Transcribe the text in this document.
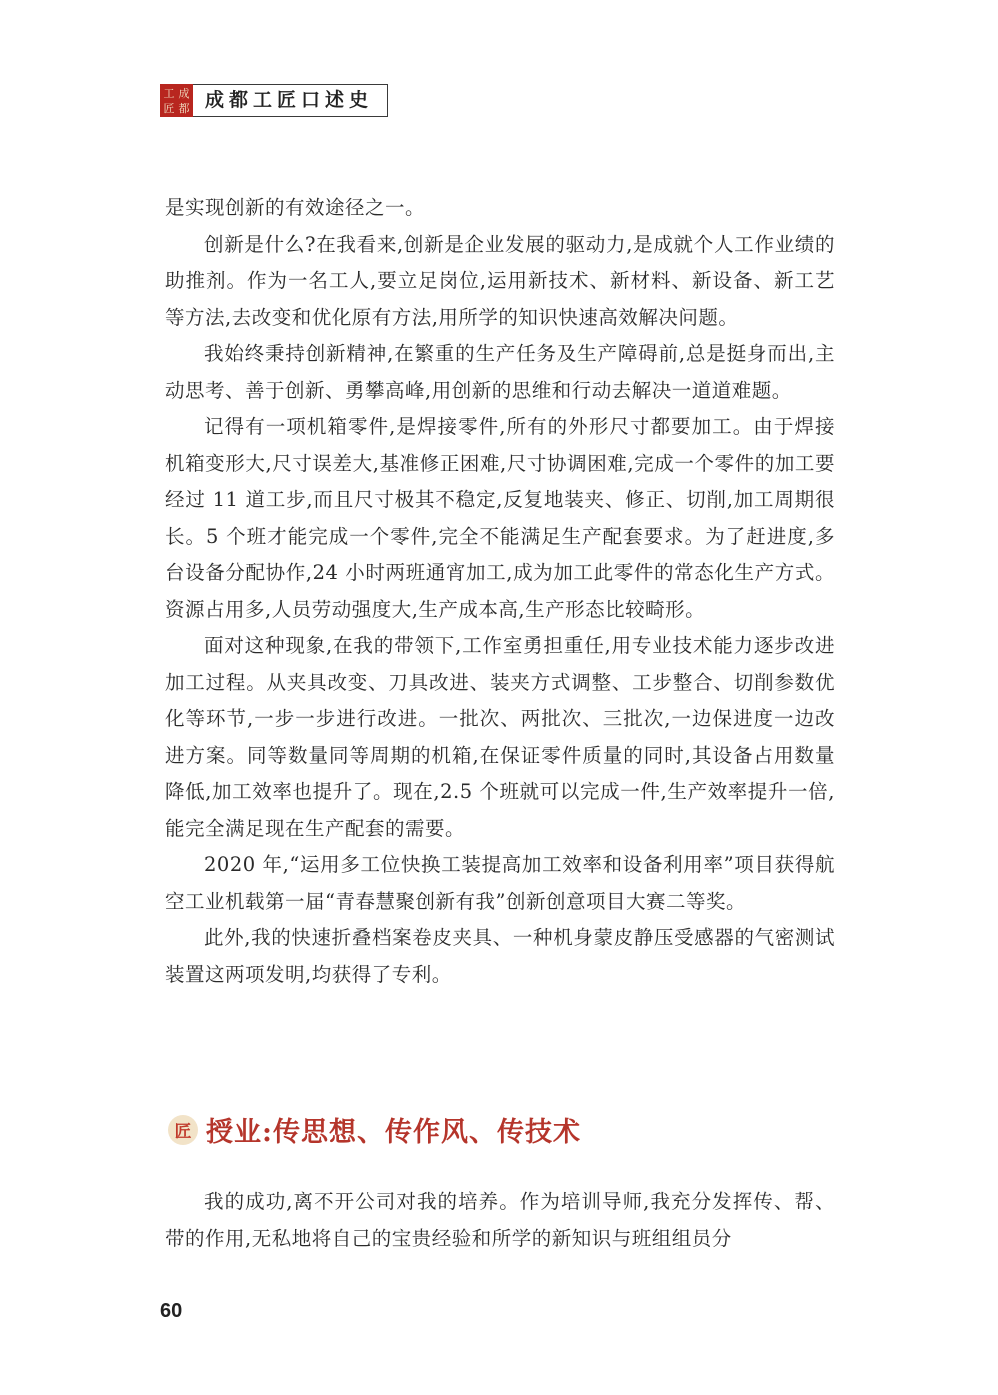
工 成
匠 都 成都工匠口述史

是实现创新的有效途径之一。

创新是什么?在我看来,创新是企业发展的驱动力,是成就个人工作业绩的助推剂。作为一名工人,要立足岗位,运用新技术、新材料、新设备、新工艺等方法,去改变和优化原有方法,用所学的知识快速高效解决问题。

我始终秉持创新精神,在繁重的生产任务及生产障碍前,总是挺身而出,主动思考、善于创新、勇攀高峰,用创新的思维和行动去解决一道道难题。

记得有一项机箱零件,是焊接零件,所有的外形尺寸都要加工。由于焊接机箱变形大,尺寸误差大,基准修正困难,尺寸协调困难,完成一个零件的加工要经过 11 道工步,而且尺寸极其不稳定,反复地装夹、修正、切削,加工周期很长。5 个班才能完成一个零件,完全不能满足生产配套要求。为了赶进度,多台设备分配协作,24 小时两班通宵加工,成为加工此零件的常态化生产方式。资源占用多,人员劳动强度大,生产成本高,生产形态比较畸形。

面对这种现象,在我的带领下,工作室勇担重任,用专业技术能力逐步改进加工过程。从夹具改变、刀具改进、装夹方式调整、工步整合、切削参数优化等环节,一步一步进行改进。一批次、两批次、三批次,一边保进度一边改进方案。同等数量同等周期的机箱,在保证零件质量的同时,其设备占用数量降低,加工效率也提升了。现在,2.5 个班就可以完成一件,生产效率提升一倍,能完全满足现在生产配套的需要。

2020 年,“运用多工位快换工装提高加工效率和设备利用率”项目获得航空工业机载第一届“青春慧聚创新有我”创新创意项目大赛二等奖。

此外,我的快速折叠档案卷皮夹具、一种机身蒙皮静压受感器的气密测试装置这两项发明,均获得了专利。

匠 授业:传思想、传作风、传技术

我的成功,离不开公司对我的培养。作为培训导师,我充分发挥传、帮、带的作用,无私地将自己的宝贵经验和所学的新知识与班组组员分

60
